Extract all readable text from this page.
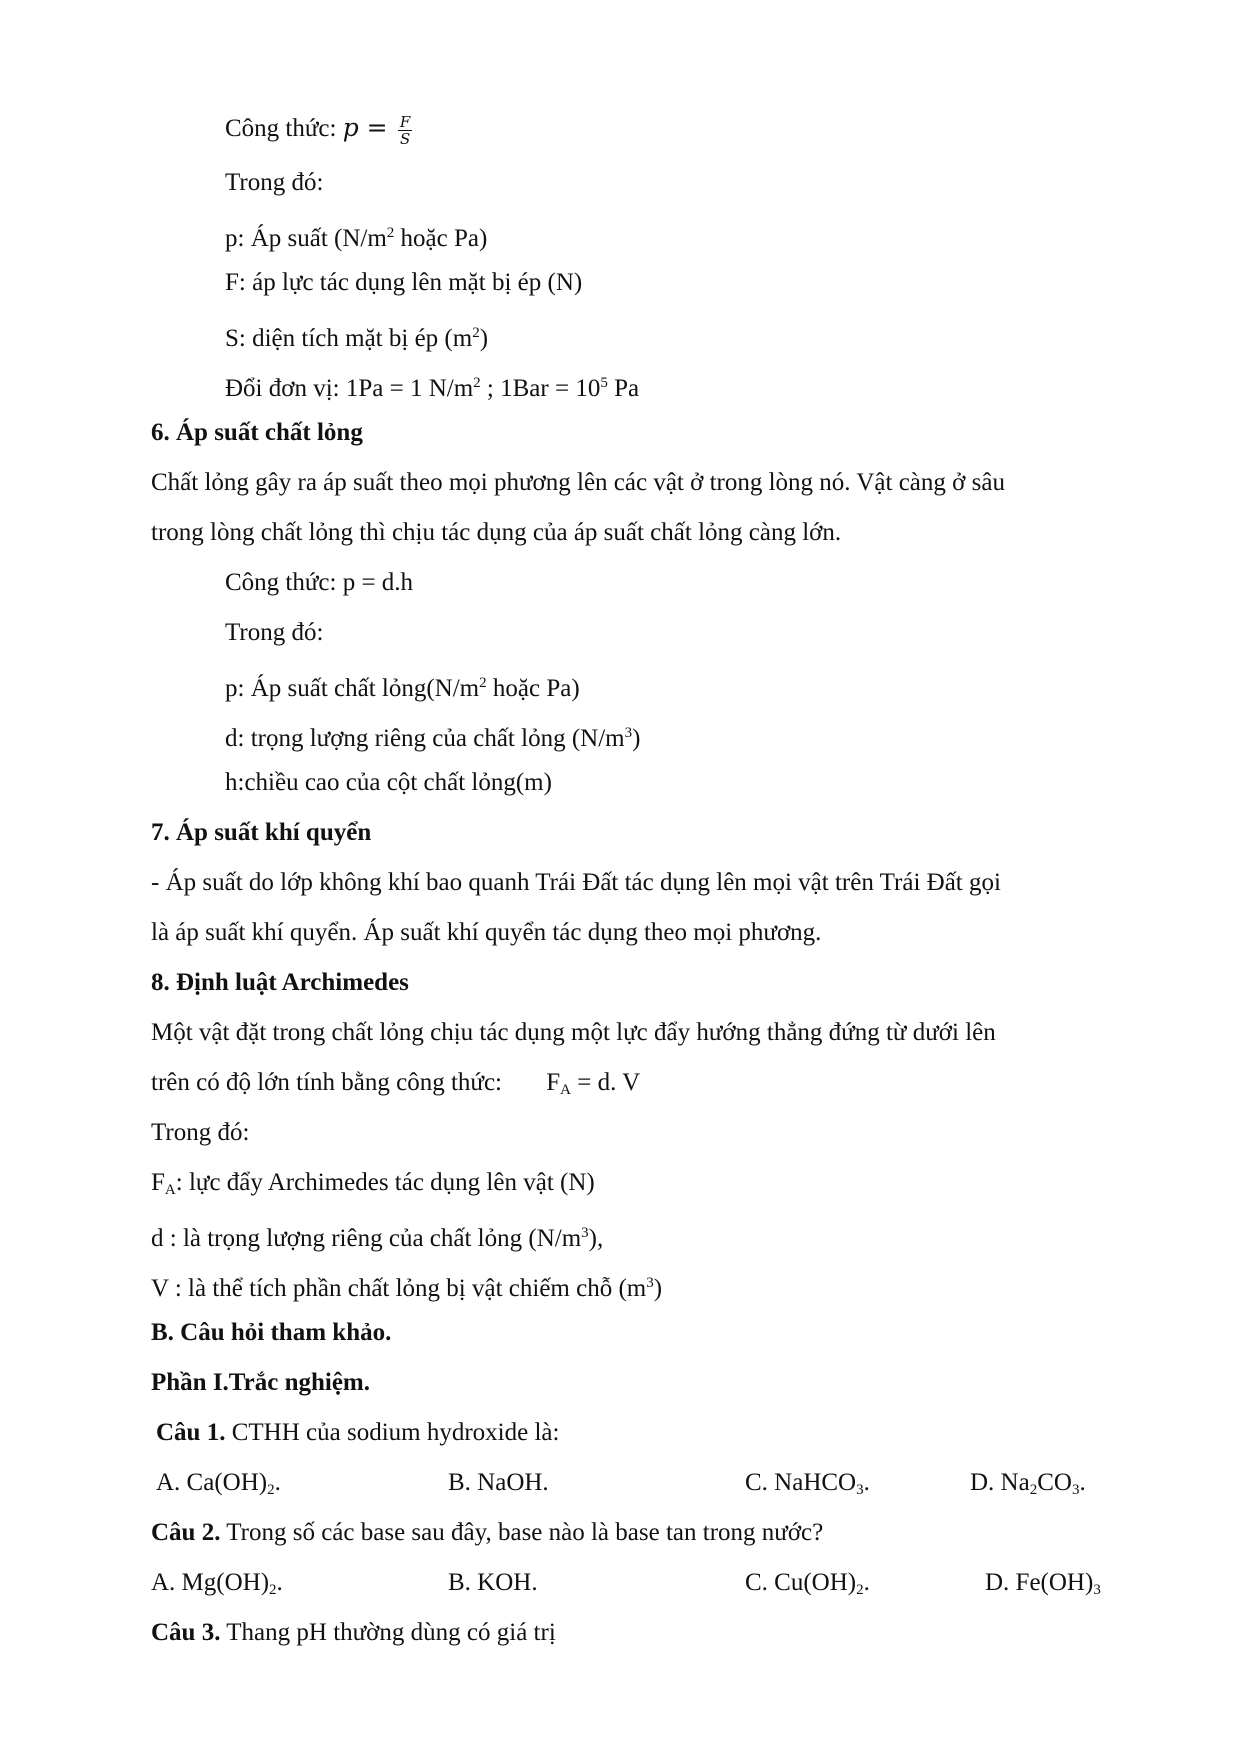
Công thức: $p = \frac{F}{S}$
Trong đó:
p: Áp suất ($N/m^2$ hoặc Pa)
F: áp lực tác dụng lên mặt bị ép (N)
S: diện tích mặt bị ép $(m^2)$
Đổi đơn vị: 1Pa = 1 $N/m^2$ ; $1Bar = 10^5$ Pa
6. Áp suất chất lỏng
Chất lỏng gây ra áp suất theo mọi phương lên các vật ở trong lòng nó. Vật càng ở sâu
trong lòng chất lỏng thì chịu tác dụng của áp suất chất lỏng càng lớn.
Công thức: p = d.h
Trong đó:
p: Áp suất chất $lỏng(N/m^2$ hoặc Pa)
d: trọng lượng riêng của chất lỏng $(N/m^3)$
h:chiều cao của cột chất lỏng(m)
7. Áp suất khí quyển
- Áp suất do lớp không khí bao quanh Trái Đất tác dụng lên mọi vật trên Trái Đất gọi
là áp suất khí quyển. Áp suất khí quyển tác dụng theo mọi phương.
8. Định luật Archimedes
Một vật đặt trong chất lỏng chịu tác dụng một lực đẩy hướng thẳng đứng từ dưới lên
trên có độ lớn tính bằng công thức: $F_A = d$. V
Trong đó:
$F_A$: lực đẩy Archimedes tác dụng lên vật (N)
d : là trọng lượng riêng của chất lỏng $(N/m^3)$,
V : là thể tích phần chất lỏng bị vật chiếm chỗ $(m^3)$
B. Câu hỏi tham khảo.
Phần I.Trắc nghiệm.
Câu 1. CTHH của sodium hydroxide là:
A. $Ca(OH)_2$.	B. NaOH.	C. NaHCO$_3$.	D. $Na_2CO_3$.
Câu 2. Trong số các base sau đây, base nào là base tan trong nước?
A. $Mg(OH)_2$.	B. KOH.	C. $Cu(OH)_2$.	D. $Fe(OH)_3$
Câu 3. Thang pH thường dùng có giá trị
